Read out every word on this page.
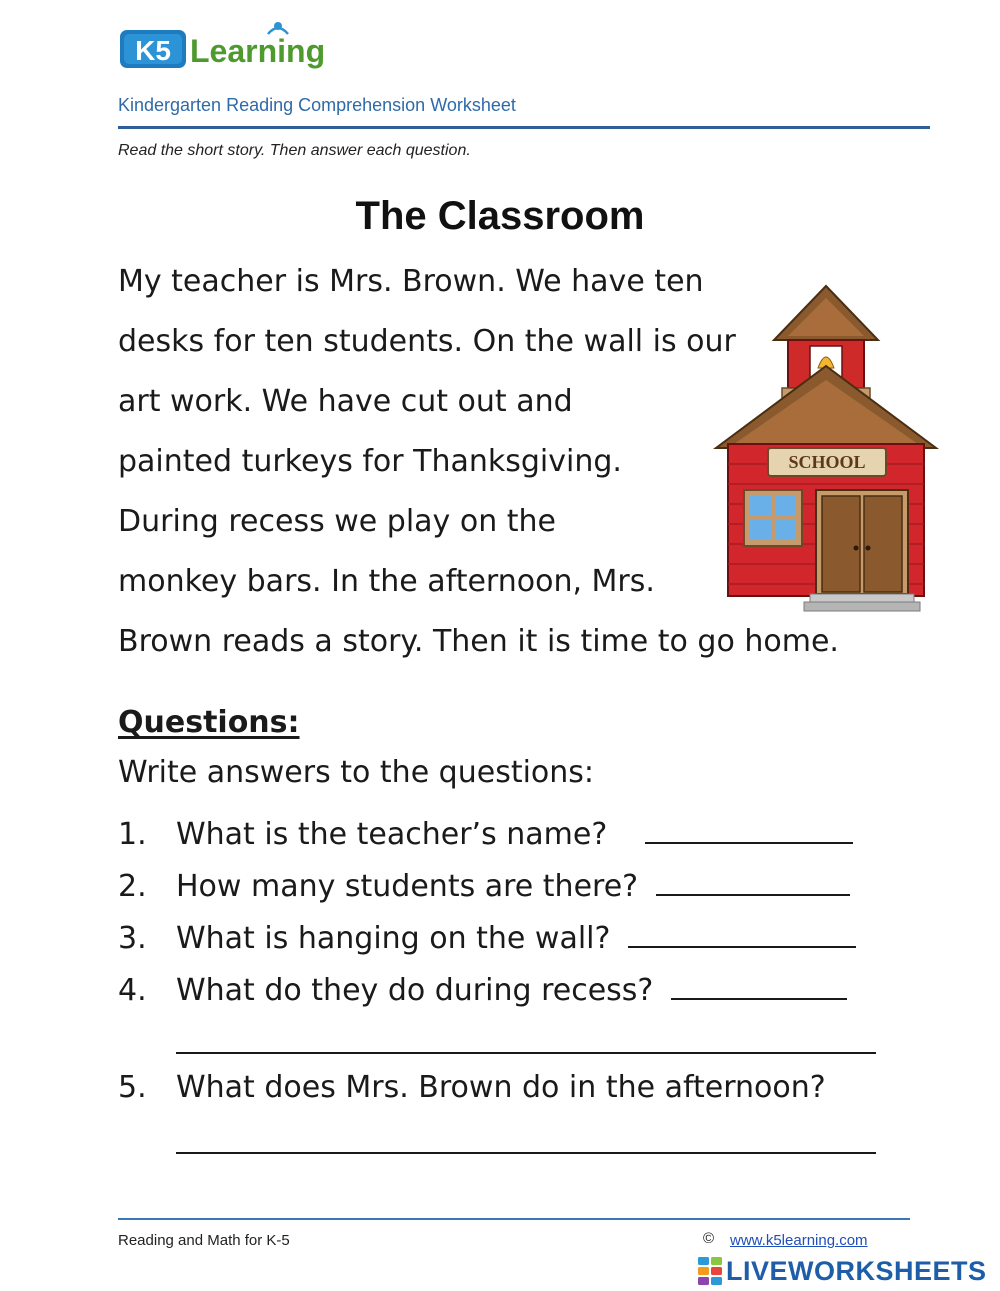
K5 Learning
Kindergarten Reading Comprehension Worksheet
Read the short story. Then answer each question.
The Classroom
My teacher is Mrs. Brown. We have ten
desks for ten students. On the wall is our
art work. We have cut out and
painted turkeys for Thanksgiving.
During recess we play on the
monkey bars. In the afternoon, Mrs.
Brown reads a story. Then it is time to go home.
SCHOOL
Questions:
Write answers to the questions:
1. What is the teacher’s name?
2. How many students are there?
3. What is hanging on the wall?
4. What do they do during recess?
5. What does Mrs. Brown do in the afternoon?
Reading and Math for K-5	© www.k5learning.com
LIVEWORKSHEETS
